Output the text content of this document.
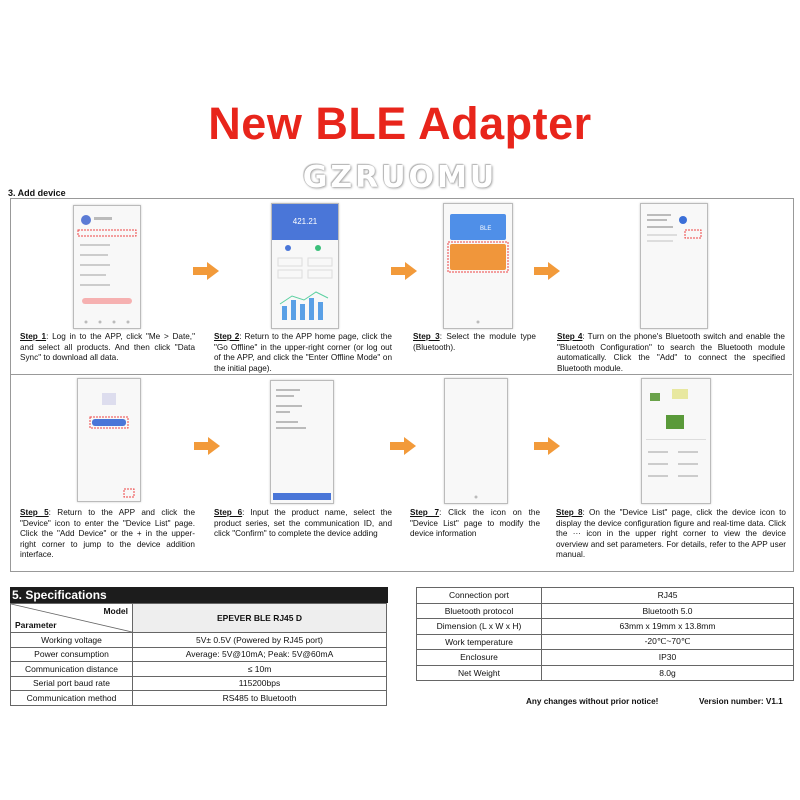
New BLE Adapter
GZRUOMU
3. Add device
421.21
BLE
Step 1: Log in to the APP, click "Me > Date," and select all products. And then click "Data Sync" to download all data.
Step 2: Return to the APP home page, click the "Go Offline" in the upper-right corner (or log out of the APP, and click the "Enter Offline Mode" on the initial page).
Step 3: Select the module type (Bluetooth).
Step 4: Turn on the phone's Bluetooth switch and enable the "Bluetooth Configuration" to search the Bluetooth module automatically. Click the "Add" to connect the specified Bluetooth module.
Step 5: Return to the APP and click the "Device" icon to enter the "Device List" page. Click the "Add Device" or the + in the upper-right corner to jump to the device addition interface.
Step 6: Input the product name, select the product series, set the communication ID, and click "Confirm" to complete the device adding
Step 7: Click the icon on the "Device List" page to modify the device information
Step 8: On the "Device List" page, click the device icon to display the device configuration figure and real-time data. Click the ··· icon in the upper right corner to view the device overview and set parameters. For details, refer to the APP user manual.
5. Specifications
Model
Parameter	EPEVER BLE RJ45 D
Working voltage	5V± 0.5V (Powered by RJ45 port)
Power consumption	Average: 5V@10mA; Peak: 5V@60mA
Communication distance	≤ 10m
Serial port baud rate	115200bps
Communication method	RS485 to Bluetooth
Connection port	RJ45
Bluetooth protocol	Bluetooth 5.0
Dimension (L x W x H)	63mm x 19mm x 13.8mm
Work temperature	-20℃~70℃
Enclosure	IP30
Net Weight	8.0g
Any changes without prior notice!	Version number: V1.1
